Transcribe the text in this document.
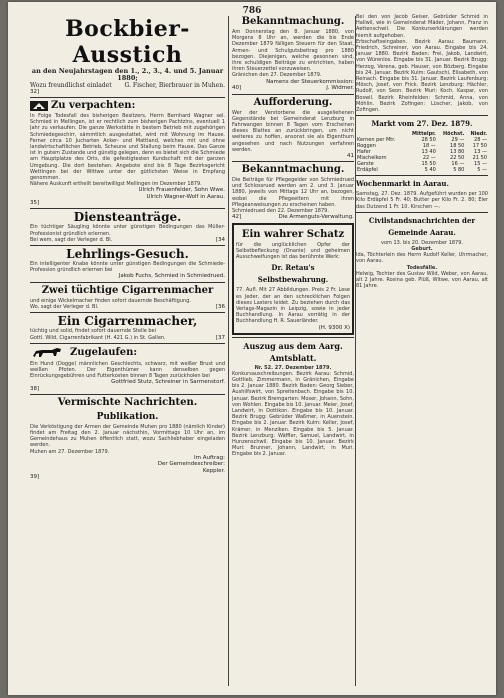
786
Bockbier-Ausstich
an den Neujahrstagen den 1., 2., 3., 4. und 5. Januar 1880;
Wozu freundlichst einladet G. Fischer, Bierbrauer in Muhen.
32]
Zu verpachten:

In Folge Todesfall des bisherigen Besitzers, Herrn Bernhard Wagner sel. Schmied in Mellingen, ist er rechtlich zum bisherigen Pachtzins, eventuell 1 Jahr zu verkaufen. Die ganze Werkstätte in bestem Betrieb mit zugehörigen Schmiedegeschirr, sämmtlich ausgestattet, wird mit Wohnung im Hause. Ferner circa 10 Jucharten Acker- und Mattland, welches mit und ohne landwirtschaftlichen Betrieb, Scheune und Stallung beim Hause. Das Ganze ist in gutem Zustande und günstig gelegen, denn es bietet sich die Schmiede am Hauptplatze des Orts, die gefestigtesten Kundschaft mit der ganzen Umgebung. Die dort bestehen. Angebote sind bis 8 Tage Bezirksgericht Wettingen bei der Wittwe unter der gütlichsten Weise in Empfang genommen.

Nähere Auskunft ertheilt bereitwilligst Mellingen im Dezember 1879.
Ulrich Frauenfelder, Sohn Wwe.
Ulrich Wagner-Wolf in Aarau.
35]
Diensteanträge.

Ein tüchtiger Säugling könnte unter günstigen Bedingungen das Müller-Professionist gründlich erlernen.

Bei wem, sagt der Verleger d. Bl.	[34
Lehrlings-Gesuch.

Ein intelligenter Knabe könnte unter günstigen Bedingungen die Schmiede-Profession gründlich erlernen bei

Jakob Fuchs, Schmied in Schmiedrued.
Zwei tüchtige Cigarrenmacher

und einige Wickelmacher finden sofort dauernde Beschäftigung.

Wo, sagt der Verleger d. Bl.	[36
Ein Cigarrenmacher,

tüchtig und solid, findet sofort dauernde Stelle bei

Gottl. Wild, Cigarrenfabrikant (H. 421 G.) in St. Gallen.	[37
Zugelaufen:

Ein Hund (Dogge) männlichen Geschlechts, schwarz, mit weißer Brust und weißen Pfoten. Der Eigenthümer kann denselben gegen Einrückungsgebühren und Futterkosten binnen 8 Tagen zurückholen bei

Gottfried Stutz, Schreiner in Sarmenstorf.
38]
Vermischte Nachrichten.
Publikation.

Die Verköstigung der Armen der Gemeinde Muhen pro 1880 (nämlich Kinder) findet am Freitag den 2. Januar nächsthin, Vormittags 10 Uhr an, im Gemeindehaus zu Muhen öffentlich statt, wozu Sachliebhaber eingeladen werden.

Muhen am 27. Dezember 1879.
Im Auftrag:
Der Gemeindeschreiber:
Keppler.
39]
Bekanntmachung.

Am Donnerstag den 8. Januar 1880, von Morgens 8 Uhr an, werden die bis Ende Dezember 1879 fälligen Steuern für den Staat, Armen- und Schulgutsbeitrag pro 1880 bezogen. Diejenigen, welche gesonnen sind, ihre schuldigen Beiträge zu entrichten, haben ihren Steuerzettel vorzuweisen.

Gränichen den 27. Dezember 1879.
Namens der Steuerkommission:
40]	J. Widmer.
Aufforderung.

Wer der Verstorbene die ausgeliehenen Gegenstände bei Gemeinderat Lenzburg in Fahrwangen binnen 8 Tagen vom Erscheinen dieses Blattes an zurückbringen, um nicht weiteres zu hoffen, ansonst sie als Eigenthum angesehen und nach Nutzungen verfahren werden.

41
Bekanntmachung.

Die Beiträge für Pflegegelder von Schmiedrued und Schlossrued werden am 2. und 3. Januar 1880, jeweils von Mittags 12 Uhr an, bezogen, wobei die Pflegeeltern mit ihren Pflegeanweisungen zu erscheinen haben.

Schmiedrued den 22. Dezember 1879.
42]	Die Armenguts-Verwaltung.
Ein wahrer Schatz

für die unglücklichen Opfer der Selbstbefleckung (Onanie) und geheimen Ausschweifungen ist das berühmte Werk:

Dr. Retau's Selbstbewahrung.

77. Aufl. Mit 27 Abbildungen. Preis 2 Fr. Lese es Jeder, der an den schrecklichen Folgen dieses Lasters leidet. Zu beziehen durch das Verlags-Magazin in Leipzig, sowie in jeder Buchhandlung. In Aarau vorrätig in der Buchhandlung H. R. Sauerländer.

(H. 9300 X)
Auszug aus dem Aarg. Amtsblatt.
Nr. 52. 27. Dezember 1879.

Konkursauschreibungen. Bezirk Aarau: Schmid, Gottlieb, Zimmermann, in Gränichen, Eingabe bis 2. Januar 1880. Bezirk Baden: Georg Sieber, Aushilfswirt, von Spreitenbach. Eingabe bis 10. Januar. Bezirk Bremgarten: Moser, Johann, Sohn, von Wohlen. Eingabe bis 10. Januar. Meier, Josef, Landwirt, in Dottikon. Eingabe bis 10. Januar. Bezirk Brugg: Gebrüder Waßmer, in Auenstein. Eingabe bis 2. Januar. Bezirk Kulm: Keller, Josef, Krämer, in Menziken. Eingabe bis 5. Januar. Bezirk Lenzburg: Wäffler, Samuel, Landwirt, in Hunzenschwil. Eingabe bis 10. Januar. Bezirk Muri: Brunner, Johann, Landwirt, in Muri. Eingabe bis 2. Januar.

Bei den von Jacob Geiser, Gebrüder Schmid in Hallwil, wie in Gemeinderat Mäder, Johann, Franz in Aettenschwil. Die Konkurserklärungen werden hiemit aufgehoben.

Erbschaftseingaben. Bezirk Aarau: Baumann, Friedrich, Schreiner, von Aarau. Eingabe bis 24. Januar 1880. Bezirk Baden: Frei, Jakob, Landwirt, von Würenlos. Eingabe bis 31. Januar. Bezirk Brugg: Herzog, Verena, geb. Hauser, von Bözberg. Eingabe bis 24. Januar. Bezirk Kulm: Gautschi, Elisabeth, von Reinach. Eingabe bis 31. Januar. Bezirk Laufenburg: Mösch, Josef, von Frick. Bezirk Lenzburg: Hächler, Rudolf, von Seon. Bezirk Muri: Koch, Kaspar, von Boswil. Bezirk Rheinfelden: Schmid, Anna, von Möhlin. Bezirk Zofingen: Lüscher, Jakob, von Zofingen.

Markt vom 27. Dez. 1879.
	Mittelpr.	Höchst.	Niedr.
Kernen per Mtr.	28 50	29 —	28 —
Roggen	18 —	18 50	17 50
Hafer	13 40	13 80	13 —
Mischelkorn	22 —	22 50	21 50
Gerste	15 50	16 —	15 —
Erdäpfel	5 40	5 80	5 —
Wochenmarkt in Aarau.

Samstag, 27. Dez. 1879. Aufgeführt wurden per 100 Kilo Erdäpfel 5 Fr. 40; Butter per Kilo Fr. 2. 80; Eier das Dutzend 1 Fr. 10. Kirschen —.

Civilstandsnachrichten der Gemeinde Aarau.
vom 13. bis 20. Dezember 1879.
Geburt.

Ida, Töchterlein des Herrn Rudolf Keller, Uhrmacher, von Aarau.

Todesfälle.

Helwig, Tochter des Gustav Wild, Weber, von Aarau, alt 2 Jahre. Rosina geb. Plüß, Witwe, von Aarau, alt 81 Jahre.
